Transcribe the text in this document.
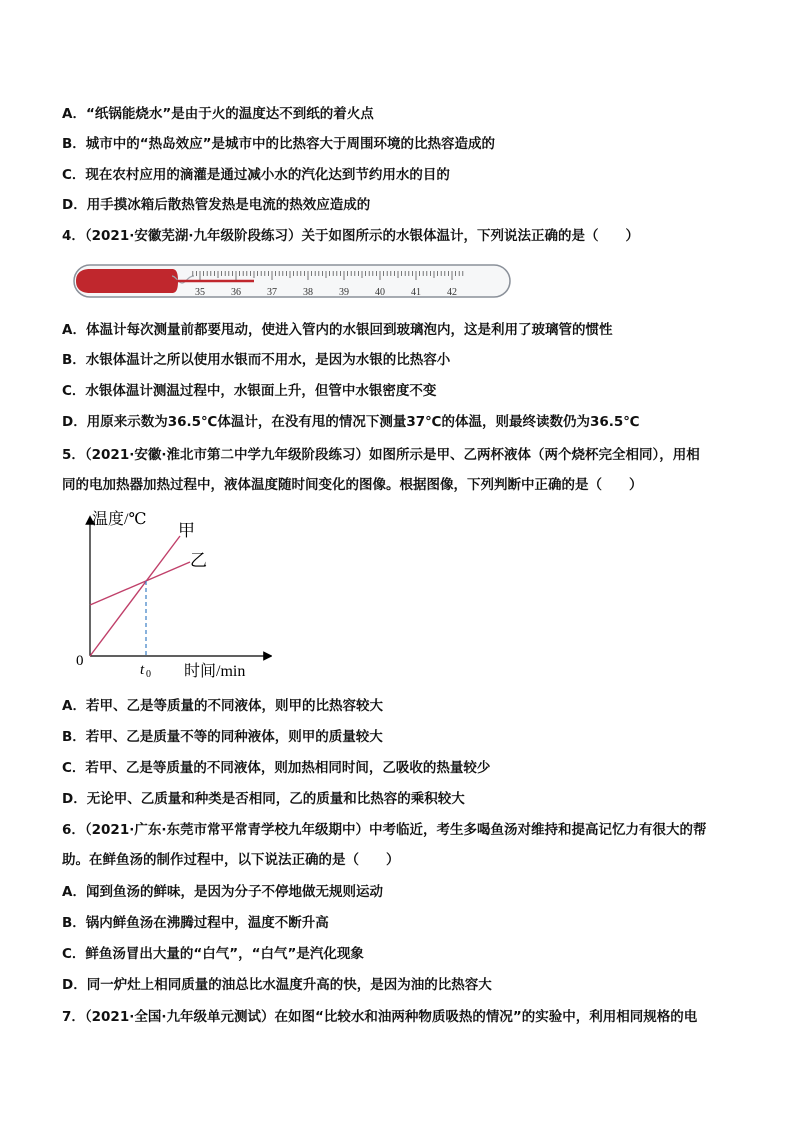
A．“纸锅能烧水”是由于火的温度达不到纸的着火点
B．城市中的“热岛效应”是城市中的比热容大于周围环境的比热容造成的
C．现在农村应用的滴灌是通过减小水的汽化达到节约用水的目的
D．用手摸冰箱后散热管发热是电流的热效应造成的
4．（2021·安徽芜湖·九年级阶段练习）关于如图所示的水银体温计，下列说法正确的是（　　）
35	36	37	38	39	40	41	42
A．体温计每次测量前都要甩动，使进入管内的水银回到玻璃泡内，这是利用了玻璃管的惯性
B．水银体温计之所以使用水银而不用水，是因为水银的比热容小
C．水银体温计测温过程中，水银面上升，但管中水银密度不变
D．用原来示数为36.5℃体温计，在没有甩的情况下测量37℃的体温，则最终读数仍为36.5℃
5．（2021·安徽·淮北市第二中学九年级阶段练习）如图所示是甲、乙两杯液体（两个烧杯完全相同），用相
同的电加热器加热过程中，液体温度随时间变化的图像。根据图像，下列判断中正确的是（　　）
温度/℃
甲
乙
0
t 0 时间/min
A．若甲、乙是等质量的不同液体，则甲的比热容较大
B．若甲、乙是质量不等的同种液体，则甲的质量较大
C．若甲、乙是等质量的不同液体，则加热相同时间，乙吸收的热量较少
D．无论甲、乙质量和种类是否相同，乙的质量和比热容的乘积较大
6．（2021·广东·东莞市常平常青学校九年级期中）中考临近，考生多喝鱼汤对维持和提高记忆力有很大的帮
助。在鲜鱼汤的制作过程中，以下说法正确的是（　　）
A．闻到鱼汤的鲜味，是因为分子不停地做无规则运动
B．锅内鲜鱼汤在沸腾过程中，温度不断升高
C．鲜鱼汤冒出大量的“白气”，“白气”是汽化现象
D．同一炉灶上相同质量的油总比水温度升高的快，是因为油的比热容大
7．（2021·全国·九年级单元测试）在如图“比较水和油两种物质吸热的情况”的实验中，利用相同规格的电
